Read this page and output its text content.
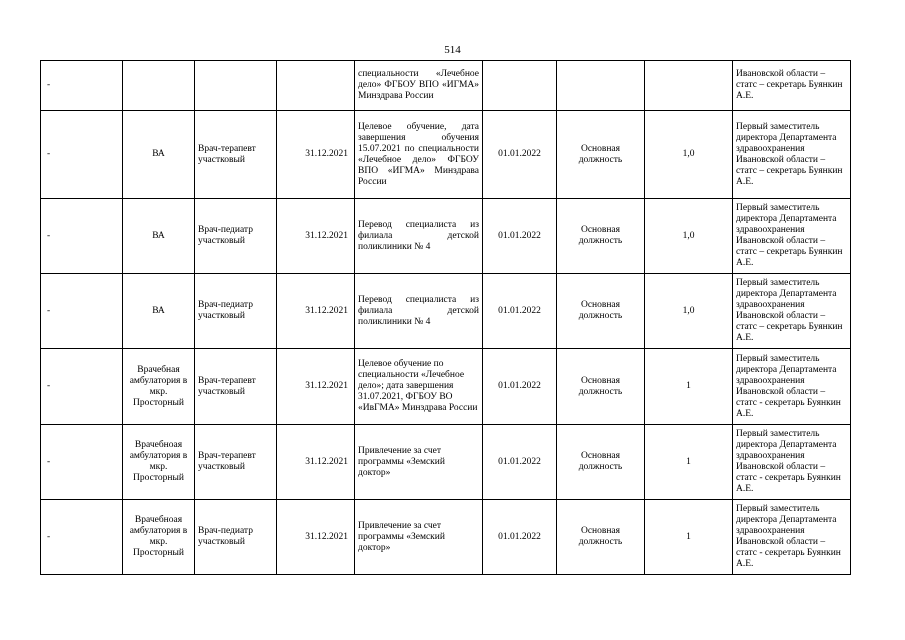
514
-				специальности «Лечебное дело» ФГБОУ ВПО «ИГМА» Минздрава России				Ивановской области – статс – секретарь Буянкин А.Е.
-	ВА	Врач-терапевт участковый	31.12.2021	Целевое обучение, дата завершения обучения 15.07.2021 по специальности «Лечебное дело» ФГБОУ ВПО «ИГМА» Минздрава России	01.01.2022	Основная должность	1,0	Первый заместитель директора Департамента здравоохранения Ивановской области – статс – секретарь Буянкин А.Е.
-	ВА	Врач-педиатр участковый	31.12.2021	Перевод специалиста из филиала детской поликлиники № 4	01.01.2022	Основная должность	1,0	Первый заместитель директора Департамента здравоохранения Ивановской области – статс – секретарь Буянкин А.Е.
-	ВА	Врач-педиатр участковый	31.12.2021	Перевод специалиста из филиала детской поликлиники № 4	01.01.2022	Основная должность	1,0	Первый заместитель директора Департамента здравоохранения Ивановской области – статс – секретарь Буянкин А.Е.
-	Врачебная амбулатория в мкр. Просторный	Врач-терапевт участковый	31.12.2021	Целевое обучение по специальности «Лечебное дело»; дата завершения 31.07.2021, ФГБОУ ВО «ИвГМА» Минздрава России	01.01.2022	Основная должность	1	Первый заместитель директора Департамента здравоохранения Ивановской области – статс - секретарь Буянкин А.Е.
-	Врачебноая амбулатория в мкр. Просторный	Врач-терапевт участковый	31.12.2021	Привлечение за счет программы «Земский доктор»	01.01.2022	Основная должность	1	Первый заместитель директора Департамента здравоохранения Ивановской области – статс - секретарь Буянкин А.Е.
-	Врачебноая амбулатория в мкр. Просторный	Врач-педиатр участковый	31.12.2021	Привлечение за счет программы «Земский доктор»	01.01.2022	Основная должность	1	Первый заместитель директора Департамента здравоохранения Ивановской области – статс - секретарь Буянкин А.Е.
